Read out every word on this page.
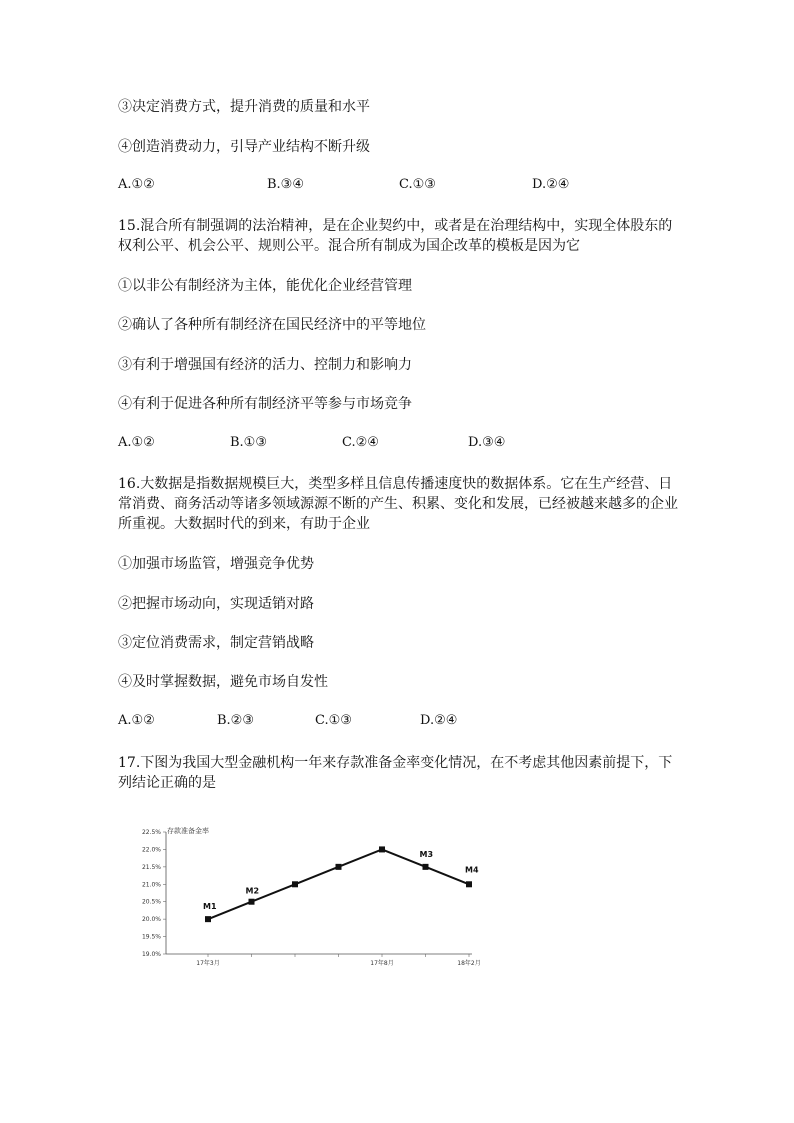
③决定消费方式，提升消费的质量和水平
④创造消费动力，引导产业结构不断升级
A.①②	B.③④	C.①③	D.②④
15.混合所有制强调的法治精神，是在企业契约中，或者是在治理结构中，实现全体股东的
权利公平、机会公平、规则公平。混合所有制成为国企改革的模板是因为它
①以非公有制经济为主体，能优化企业经营管理
②确认了各种所有制经济在国民经济中的平等地位
③有利于增强国有经济的活力、控制力和影响力
④有利于促进各种所有制经济平等参与市场竞争
A.①②	B.①③	C.②④	D.③④
16.大数据是指数据规模巨大，类型多样且信息传播速度快的数据体系。它在生产经营、日
常消费、商务活动等诸多领域源源不断的产生、积累、变化和发展，已经被越来越多的企业
所重视。大数据时代的到来，有助于企业
①加强市场监管，增强竞争优势
②把握市场动向，实现适销对路
③定位消费需求，制定营销战略
④及时掌握数据，避免市场自发性
A.①②	B.②③	C.①③	D.②④
17.下图为我国大型金融机构一年来存款准备金率变化情况，在不考虑其他因素前提下，下
列结论正确的是
19.0%
19.5%
20.0%
20.5%
21.0%
21.5%
22.0%
22.5%
17年3月	17年8月	18年2月
M1
M2
M3
M4
存款准备金率
